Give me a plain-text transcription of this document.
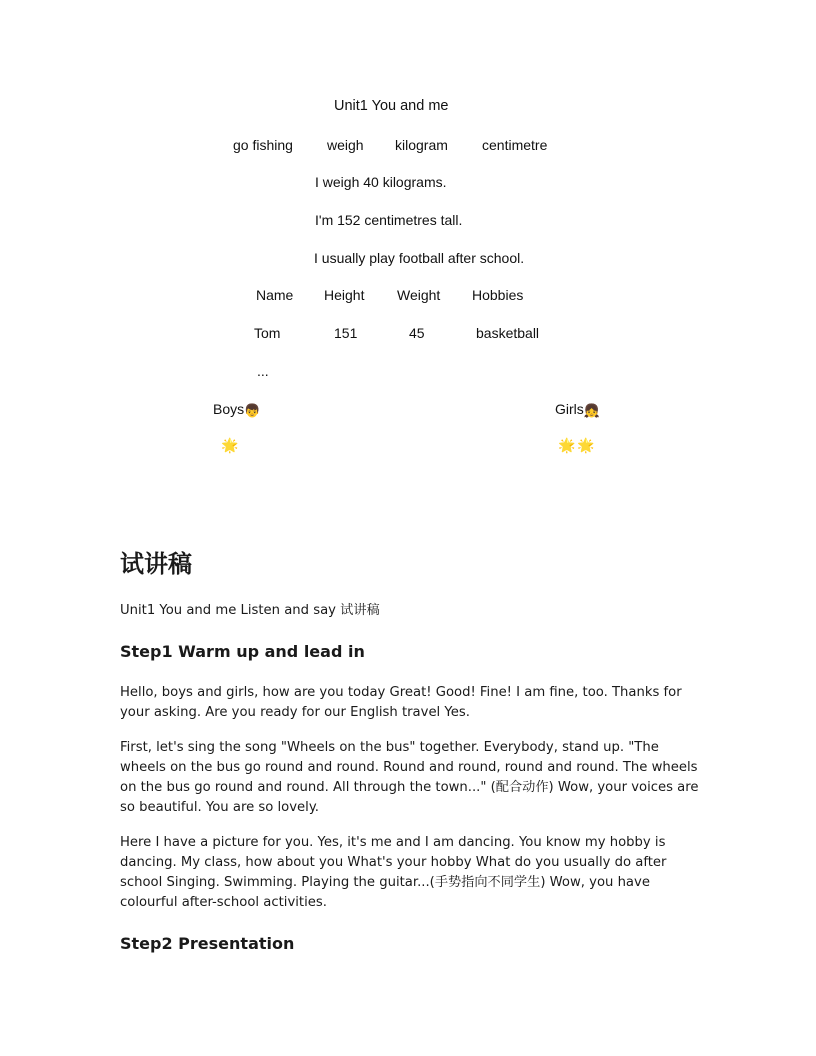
Unit1 You and me
go fishing weigh kilogram centimetre
I weigh 40 kilograms.
I'm 152 centimetres tall.
I usually play football after school.
Name Height Weight Hobbies
Tom	151	45	basketball
...
Boys👦	Girls👧
🌟	🌟 🌟
试讲稿
Unit1 You and me Listen and say 试讲稿
Step1 Warm up and lead in
Hello, boys and girls, how are you today Great! Good! Fine! I am fine, too. Thanks for your asking. Are you ready for our English travel Yes.
First, let's sing the song "Wheels on the bus" together. Everybody, stand up. "The wheels on the bus go round and round. Round and round, round and round. The wheels on the bus go round and round. All through the town..." (配合动作) Wow, your voices are so beautiful. You are so lovely.
Here I have a picture for you. Yes, it's me and I am dancing. You know my hobby is dancing. My class, how about you What's your hobby What do you usually do after school Singing. Swimming. Playing the guitar...(手势指向不同学生) Wow, you have colourful after-school activities.
Step2 Presentation
